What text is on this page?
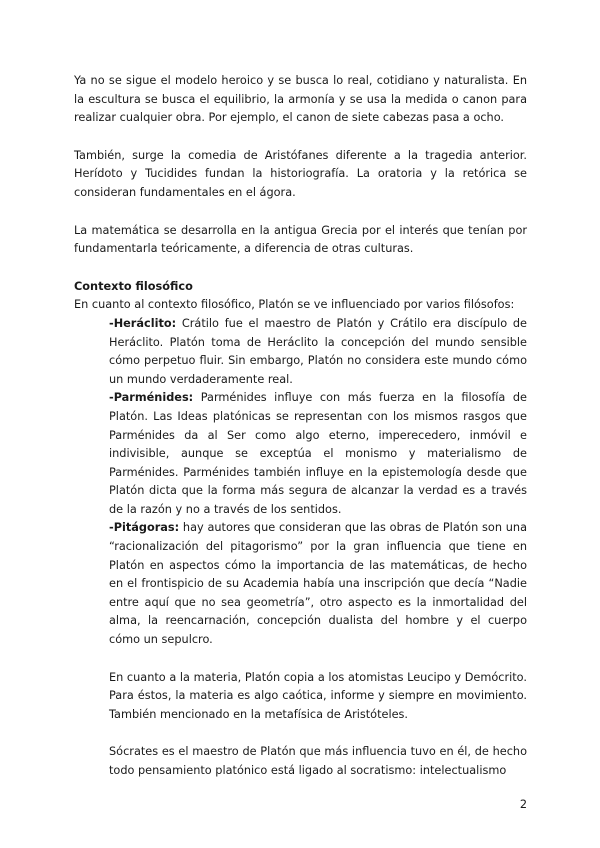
Ya no se sigue el modelo heroico y se busca lo real, cotidiano y naturalista. En la escultura se busca el equilibrio, la armonía y se usa la medida o canon para realizar cualquier obra. Por ejemplo, el canon de siete cabezas pasa a ocho.

También, surge la comedia de Aristófanes diferente a la tragedia anterior. Herídoto y Tucidides fundan la historiografía. La oratoria y la retórica se consideran fundamentales en el ágora.

La matemática se desarrolla en la antigua Grecia por el interés que tenían por fundamentarla teóricamente, a diferencia de otras culturas.

Contexto filosófico

En cuanto al contexto filosófico, Platón se ve influenciado por varios filósofos:

-Heráclito: Crátilo fue el maestro de Platón y Crátilo era discípulo de Heráclito. Platón toma de Heráclito la concepción del mundo sensible cómo perpetuo fluir. Sin embargo, Platón no considera este mundo cómo un mundo verdaderamente real.

-Parménides: Parménides influye con más fuerza en la filosofía de Platón. Las Ideas platónicas se representan con los mismos rasgos que Parménides da al Ser como algo eterno, imperecedero, inmóvil e indivisible, aunque se exceptúa el monismo y materialismo de Parménides. Parménides también influye en la epistemología desde que Platón dicta que la forma más segura de alcanzar la verdad es a través de la razón y no a través de los sentidos.

-Pitágoras: hay autores que consideran que las obras de Platón son una “racionalización del pitagorismo” por la gran influencia que tiene en Platón en aspectos cómo la importancia de las matemáticas, de hecho en el frontispicio de su Academia había una inscripción que decía “Nadie entre aquí que no sea geometría”, otro aspecto es la inmortalidad del alma, la reencarnación, concepción dualista del hombre y el cuerpo cómo un sepulcro.

En cuanto a la materia, Platón copia a los atomistas Leucipo y Demócrito. Para éstos, la materia es algo caótica, informe y siempre en movimiento. También mencionado en la metafísica de Aristóteles.

Sócrates es el maestro de Platón que más influencia tuvo en él, de hecho todo pensamiento platónico está ligado al socratismo: intelectualismo

2
